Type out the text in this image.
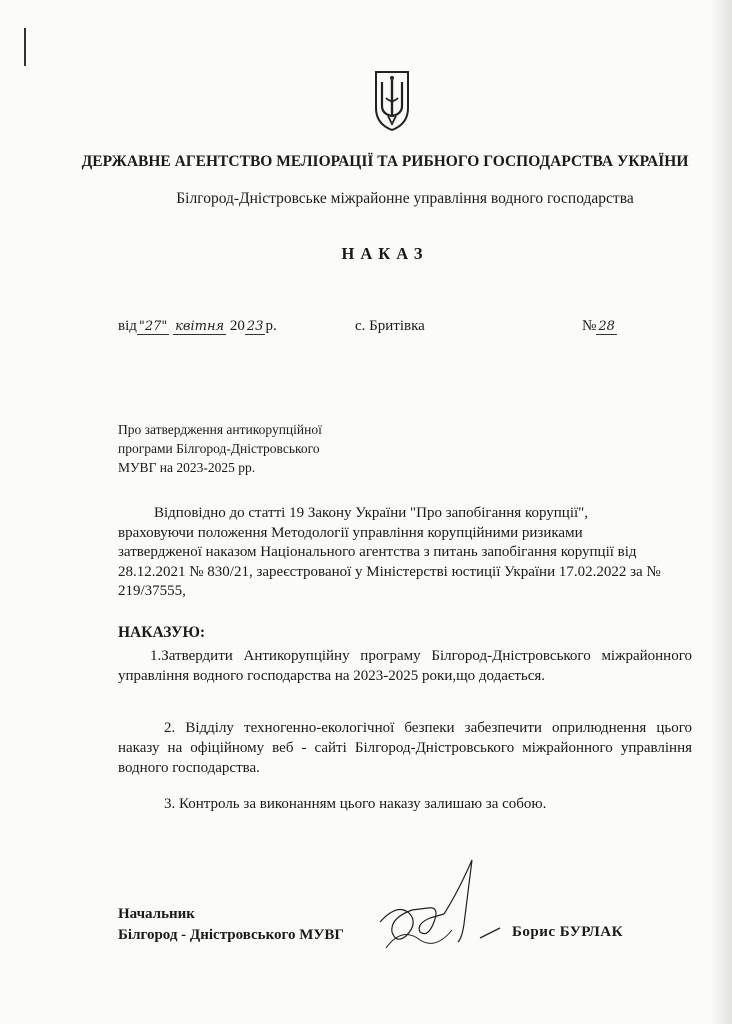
ДЕРЖАВНЕ АГЕНТСТВО МЕЛІОРАЦІЇ ТА РИБНОГО ГОСПОДАРСТВА УКРАЇНИ
Білгород-Дністровське міжрайонне управління водного господарства
НАКАЗ
від "27" квітня 20 23 р.	с. Бритівка	№ 28
Про затвердження антикорупційної
програми Білгород-Дністровського
МУВГ на 2023-2025 рр.
Відповідно до статті 19 Закону України "Про запобігання корупції", враховуючи положення Методології управління корупційними ризиками затвердженої наказом Національного агентства з питань запобігання корупції від 28.12.2021 № 830/21, зареєстрованої у Міністерстві юстиції України 17.02.2022 за № 219/37555,
НАКАЗУЮ:
1.Затвердити Антикорупційну програму Білгород-Дністровського міжрайонного управління водного господарства на 2023-2025 роки,що додається.
2. Відділу техногенно-екологічної безпеки забезпечити оприлюднення цього наказу на офіційному веб - сайті Білгород-Дністровського міжрайонного управління водного господарства.
3. Контроль за виконанням цього наказу залишаю за собою.
Начальник
Білгород - Дністровського МУВГ	Борис БУРЛАК
